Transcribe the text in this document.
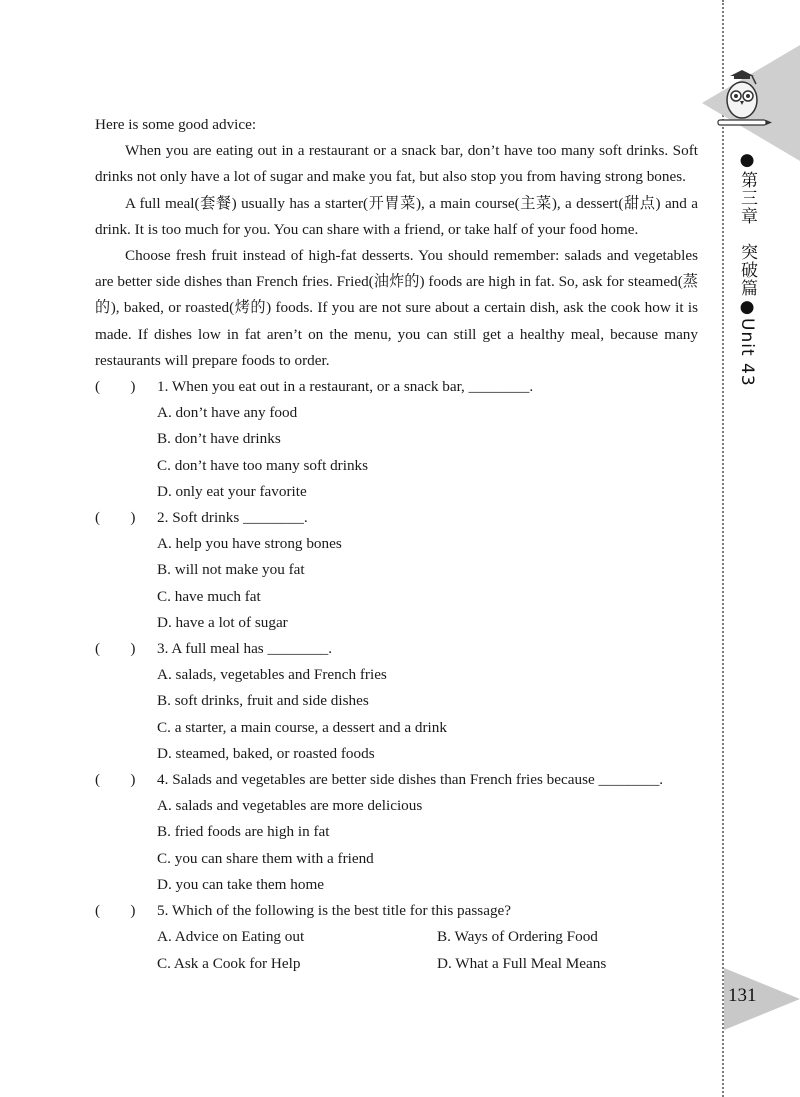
●第三章　突破篇●Unit 43
131

Here is some good advice:

When you are eating out in a restaurant or a snack bar, don’t have too many soft drinks. Soft drinks not only have a lot of sugar and make you fat, but also stop you from having strong bones.

A full meal(套餐) usually has a starter(开胃菜), a main course(主菜), a dessert(甜点) and a drink. It is too much for you. You can share with a friend, or take half of your food home.

Choose fresh fruit instead of high-fat desserts. You should remember: salads and vegetables are better side dishes than French fries. Fried(油炸的) foods are high in fat. So, ask for steamed(蒸的), baked, or roasted(烤的) foods. If you are not sure about a certain dish, ask the cook how it is made. If dishes low in fat aren’t on the menu, you can still get a healthy meal, because many restaurants will prepare foods to order.

(　　) 1. When you eat out in a restaurant, or a snack bar, ________.

A. don’t have any food

B. don’t have drinks

C. don’t have too many soft drinks

D. only eat your favorite

(　　) 2. Soft drinks ________.

A. help you have strong bones

B. will not make you fat

C. have much fat

D. have a lot of sugar

(　　) 3. A full meal has ________.

A. salads, vegetables and French fries

B. soft drinks, fruit and side dishes

C. a starter, a main course, a dessert and a drink

D. steamed, baked, or roasted foods

(　　) 4. Salads and vegetables are better side dishes than French fries because ________.

A. salads and vegetables are more delicious

B. fried foods are high in fat

C. you can share them with a friend

D. you can take them home

(　　) 5. Which of the following is the best title for this passage?

A. Advice on Eating out	B. Ways of Ordering Food
C. Ask a Cook for Help	D. What a Full Meal Means
